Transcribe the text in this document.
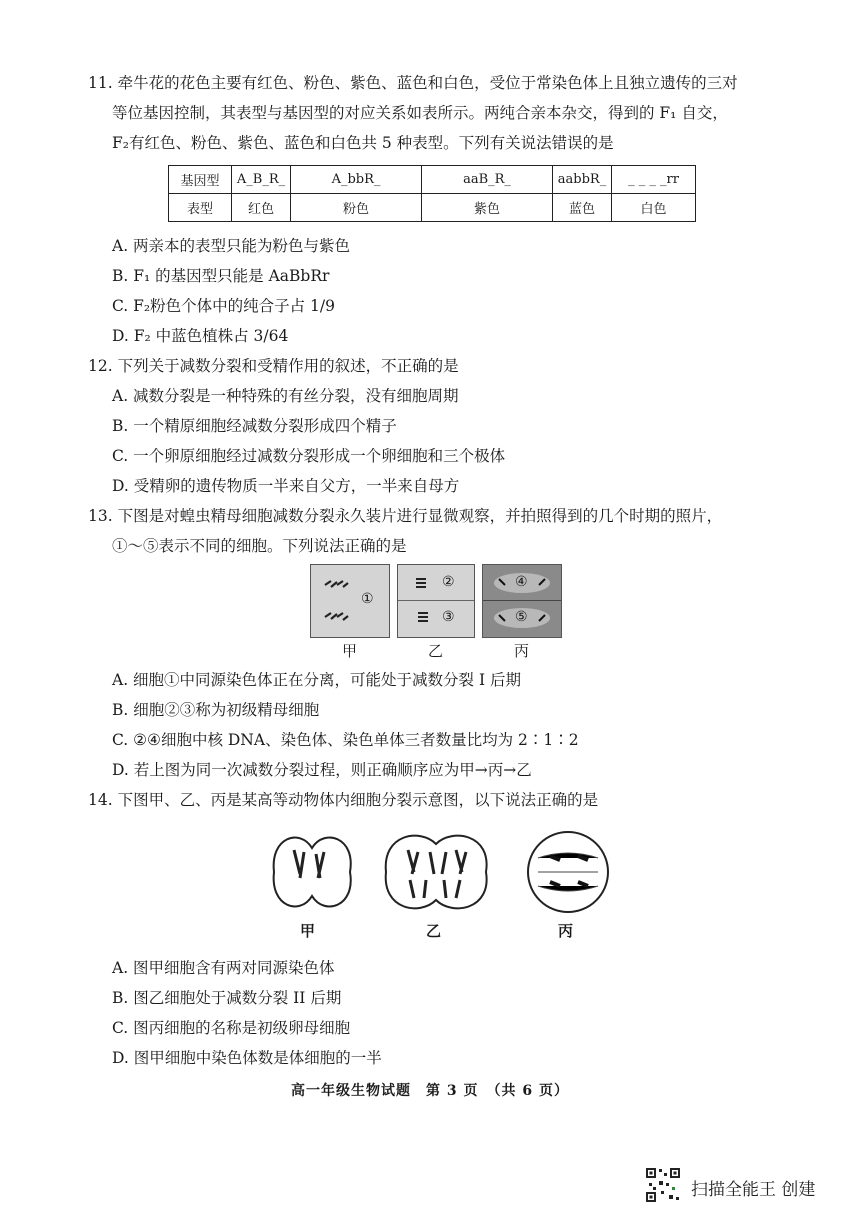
11. 牵牛花的花色主要有红色、粉色、紫色、蓝色和白色，受位于常染色体上且独立遗传的三对
等位基因控制，其表型与基因型的对应关系如表所示。两纯合亲本杂交，得到的 F₁ 自交，
F₂有红色、粉色、紫色、蓝色和白色共 5 种表型。下列有关说法错误的是
基因型	A_B_R_	A_bbR_	aaB_R_	aabbR_	_ _ _ _rr
表型	红色	粉色	紫色	蓝色	白色
A. 两亲本的表型只能为粉色与紫色
B. F₁ 的基因型只能是 AaBbRr
C. F₂粉色个体中的纯合子占 1/9
D. F₂ 中蓝色植株占 3/64
12. 下列关于减数分裂和受精作用的叙述，不正确的是
A. 减数分裂是一种特殊的有丝分裂，没有细胞周期
B. 一个精原细胞经减数分裂形成四个精子
C. 一个卵原细胞经过减数分裂形成一个卵细胞和三个极体
D. 受精卵的遗传物质一半来自父方，一半来自母方
13. 下图是对蝗虫精母细胞减数分裂永久装片进行显微观察，并拍照得到的几个时期的照片，
①～⑤表示不同的细胞。下列说法正确的是
①
②
③
④
⑤
甲	乙	丙
A. 细胞①中同源染色体正在分离，可能处于减数分裂 I 后期
B. 细胞②③称为初级精母细胞
C. ②④细胞中核 DNA、染色体、染色单体三者数量比均为 2∶1∶2
D. 若上图为同一次减数分裂过程，则正确顺序应为甲→丙→乙
14. 下图甲、乙、丙是某高等动物体内细胞分裂示意图，以下说法正确的是
甲	乙	丙
A. 图甲细胞含有两对同源染色体
B. 图乙细胞处于减数分裂 II 后期
C. 图丙细胞的名称是初级卵母细胞
D. 图甲细胞中染色体数是体细胞的一半
高一年级生物试题　第 3 页　（共 6 页）
扫描全能王 创建
